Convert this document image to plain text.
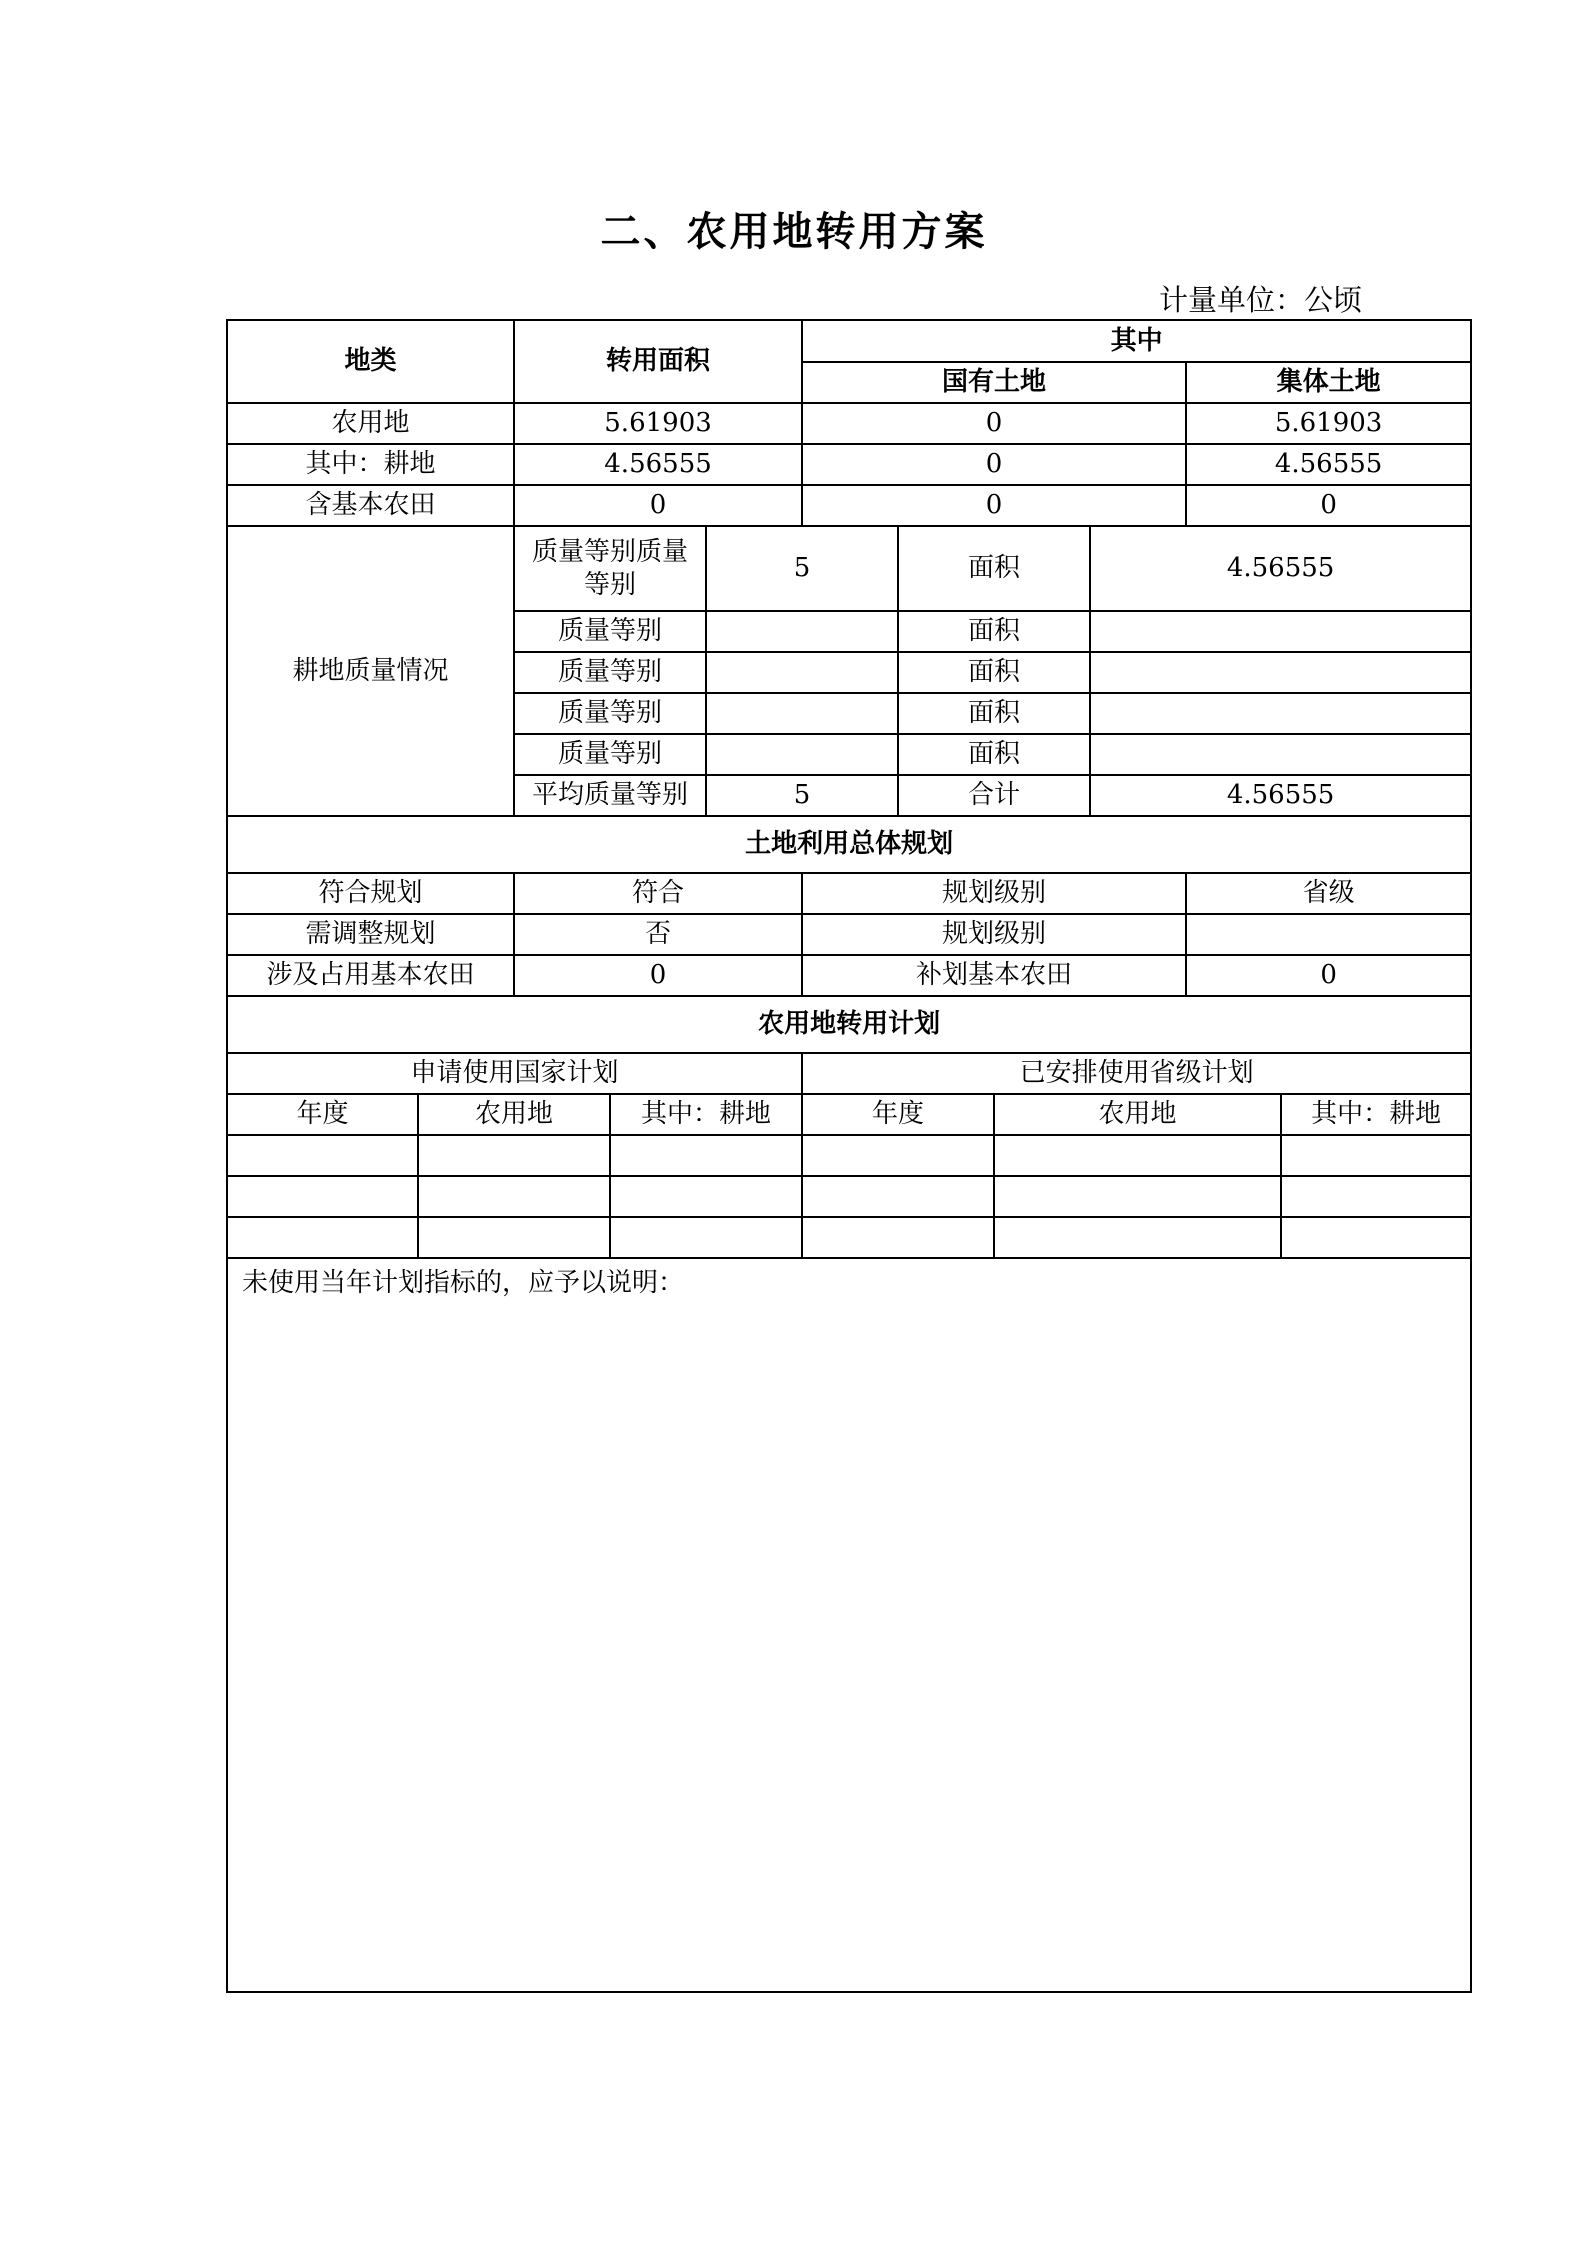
二、农用地转用方案
计量单位：公顷
地类		转用面积			其中					
					国有土地				集体土地	
农用地		5.61903			0				5.61903	
其中：耕地		4.56555			0				4.56555	
含基本农田		0			0				0	
耕地质量情况		质量等别质量等别		5		面积		4.56555		
		质量等别				面积				
		质量等别				面积				
		质量等别				面积				
		质量等别				面积				
		平均质量等别		5		合计		4.56555		
土地利用总体规划										
符合规划		符合			规划级别				省级	
需调整规划		否			规划级别					
涉及占用基本农田		0			补划基本农田				0	
农用地转用计划										
申请使用国家计划					已安排使用省级计划					
年度	农用地		其中：耕地		年度		农用地			其中：耕地

未使用当年计划指标的，应予以说明：										
